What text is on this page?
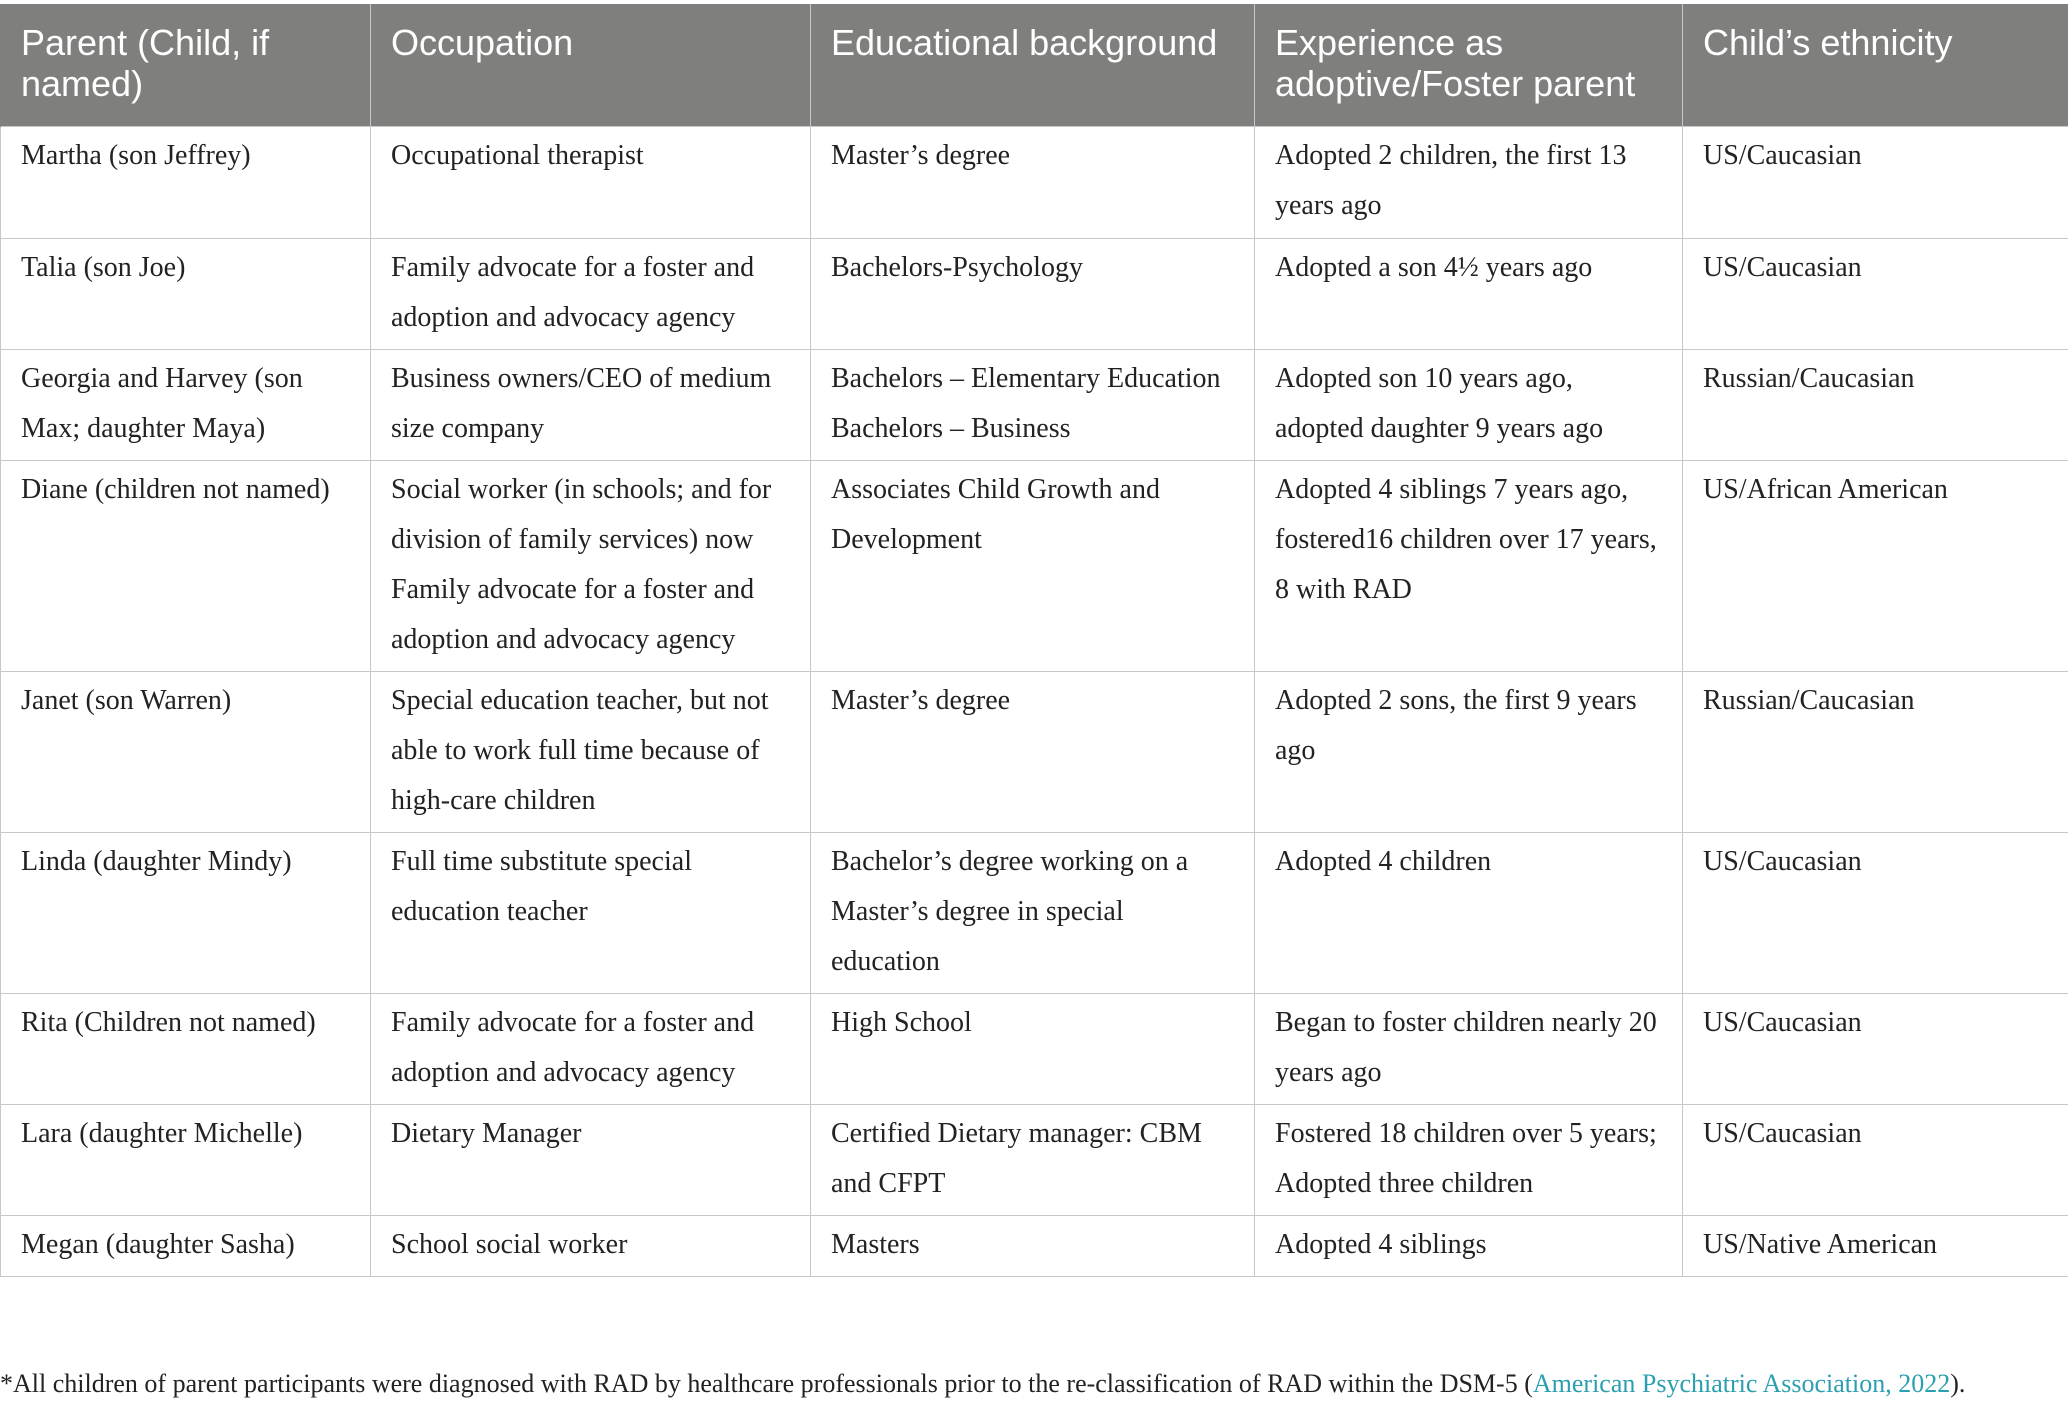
Parent (Child, if named)	Occupation	Educational background	Experience as adoptive/Foster parent	Child’s ethnicity
Martha (son Jeffrey)	Occupational therapist	Master’s degree	Adopted 2 children, the first 13 years ago	US/Caucasian
Talia (son Joe)	Family advocate for a foster and adoption and advocacy agency	Bachelors-Psychology	Adopted a son 4½ years ago	US/Caucasian
Georgia and Harvey (son Max; daughter Maya)	Business owners/CEO of medium size company	Bachelors – Elementary Education Bachelors – Business	Adopted son 10 years ago, adopted daughter 9 years ago	Russian/Caucasian
Diane (children not named)	Social worker (in schools; and for division of family services) now Family advocate for a foster and adoption and advocacy agency	Associates Child Growth and Development	Adopted 4 siblings 7 years ago, fostered16 children over 17 years, 8 with RAD	US/African American
Janet (son Warren)	Special education teacher, but not able to work full time because of high-care children	Master’s degree	Adopted 2 sons, the first 9 years ago	Russian/Caucasian
Linda (daughter Mindy)	Full time substitute special education teacher	Bachelor’s degree working on a Master’s degree in special education	Adopted 4 children	US/Caucasian
Rita (Children not named)	Family advocate for a foster and adoption and advocacy agency	High School	Began to foster children nearly 20 years ago	US/Caucasian
Lara (daughter Michelle)	Dietary Manager	Certified Dietary manager: CBM and CFPT	Fostered 18 children over 5 years; Adopted three children	US/Caucasian
Megan (daughter Sasha)	School social worker	Masters	Adopted 4 siblings	US/Native American
*All children of parent participants were diagnosed with RAD by healthcare professionals prior to the re-classification of RAD within the DSM-5 (American Psychiatric Association, 2022).
